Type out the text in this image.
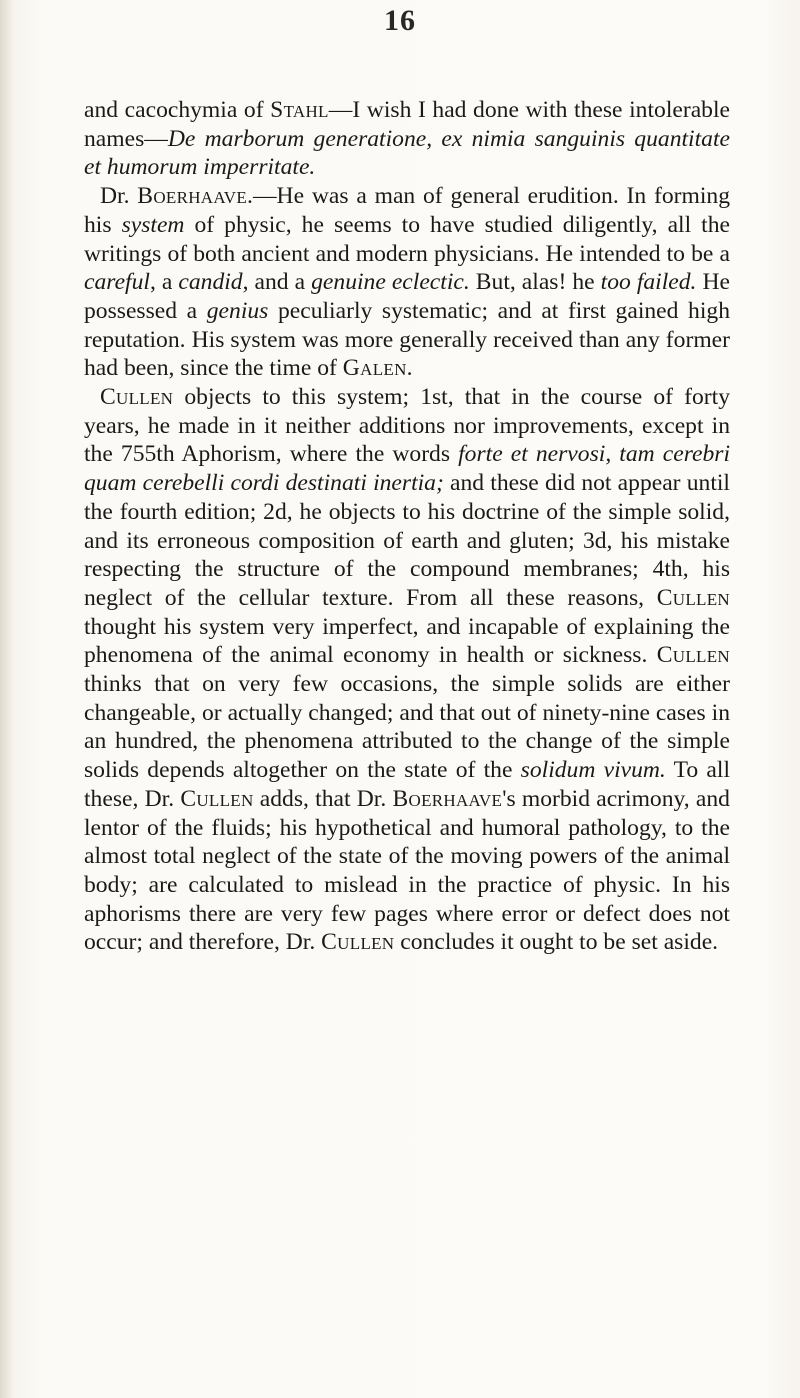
16

and cacochymia of Stahl—I wish I had done with these intolerable names—De marborum generatione, ex nimia sanguinis quantitate et humorum imperritate.

Dr. Boerhaave.—He was a man of general erudition. In forming his system of physic, he seems to have studied diligently, all the writings of both ancient and modern physicians. He intended to be a careful, a candid, and a genuine eclectic. But, alas! he too failed. He possessed a genius peculiarly systematic; and at first gained high reputation. His system was more generally received than any former had been, since the time of Galen.

Cullen objects to this system; 1st, that in the course of forty years, he made in it neither additions nor improvements, except in the 755th Aphorism, where the words forte et nervosi, tam cerebri quam cerebelli cordi destinati inertia; and these did not appear until the fourth edition; 2d, he objects to his doctrine of the simple solid, and its erroneous composition of earth and gluten; 3d, his mistake respecting the structure of the compound membranes; 4th, his neglect of the cellular texture. From all these reasons, Cullen thought his system very imperfect, and incapable of explaining the phenomena of the animal economy in health or sickness. Cullen thinks that on very few occasions, the simple solids are either changeable, or actually changed; and that out of ninety-nine cases in an hundred, the phenomena attributed to the change of the simple solids depends altogether on the state of the solidum vivum. To all these, Dr. Cullen adds, that Dr. Boerhaave's morbid acrimony, and lentor of the fluids; his hypothetical and humoral pathology, to the almost total neglect of the state of the moving powers of the animal body; are calculated to mislead in the practice of physic. In his aphorisms there are very few pages where error or defect does not occur; and therefore, Dr. Cullen concludes it ought to be set aside.
